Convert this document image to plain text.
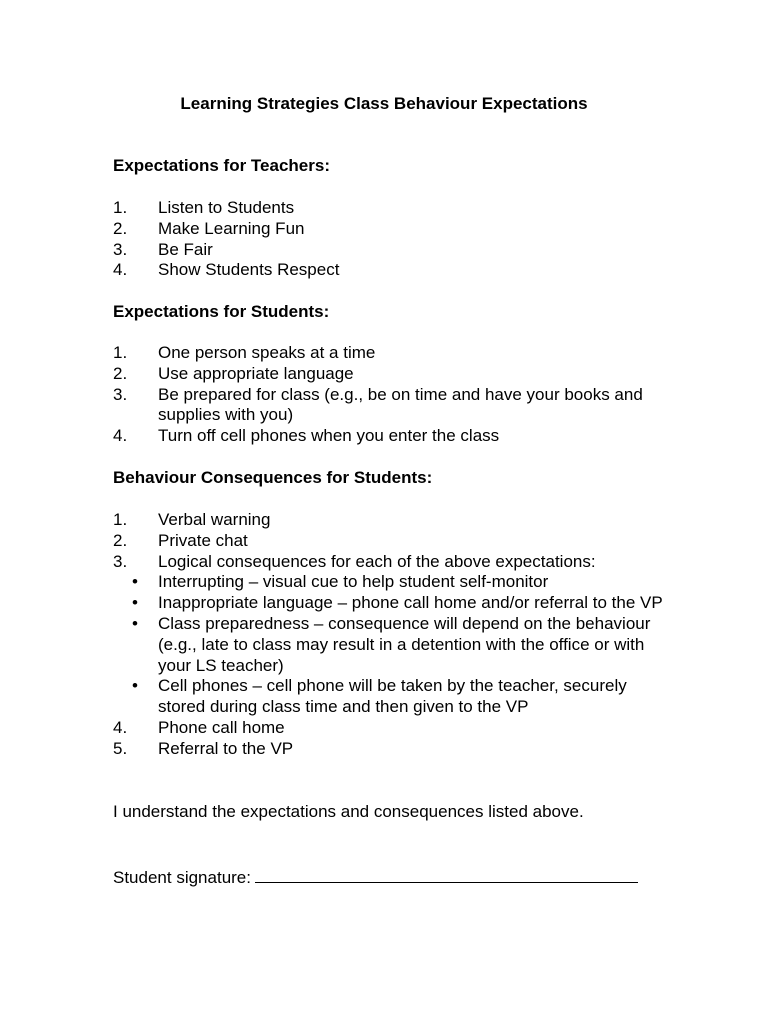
Learning Strategies Class Behaviour Expectations
Expectations for Teachers:
1. Listen to Students
2. Make Learning Fun
3. Be Fair
4. Show Students Respect
Expectations for Students:
1. One person speaks at a time
2. Use appropriate language
3. Be prepared for class (e.g., be on time and have your books and supplies with you)
4. Turn off cell phones when you enter the class
Behaviour Consequences for Students:
1. Verbal warning
2. Private chat
3. Logical consequences for each of the above expectations:
• Interrupting – visual cue to help student self-monitor
• Inappropriate language – phone call home and/or referral to the VP
• Class preparedness – consequence will depend on the behaviour (e.g., late to class may result in a detention with the office or with your LS teacher)
• Cell phones – cell phone will be taken by the teacher, securely stored during class time and then given to the VP
4. Phone call home
5. Referral to the VP
I understand the expectations and consequences listed above.
Student signature:
